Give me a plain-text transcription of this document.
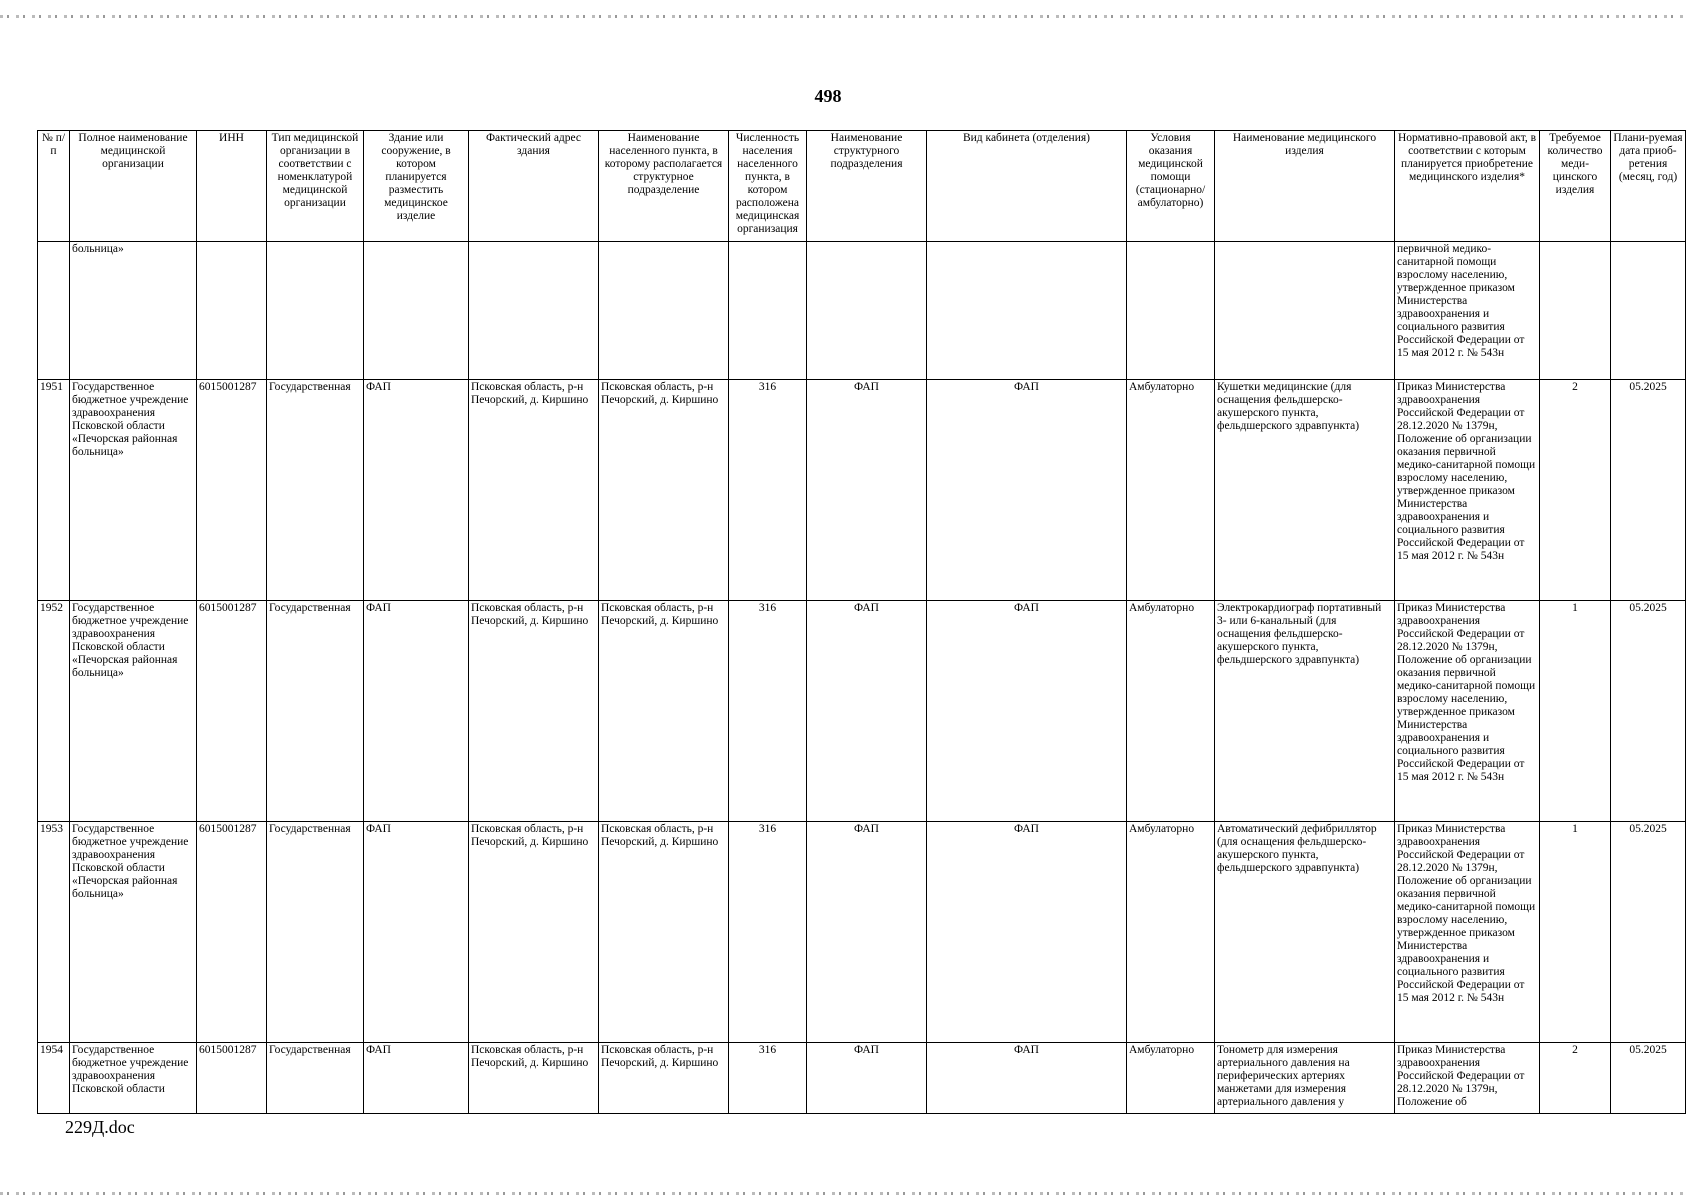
498
№ п/п	Полное наименование медицинской организации	ИНН	Тип медицинской организации в соответствии с номенклатурой медицинской организации	Здание или сооружение, в котором планируется разместить медицинское изделие	Фактический адрес здания	Наименование населенного пункта, в которому располагается структурное подразделение	Численность населения населенного пункта, в котором расположена медицинская организация	Наименование структурного подразделения	Вид кабинета (отделения)	Условия оказания медицинской помощи (стационарно/ амбулаторно)	Наименование медицинского изделия	Нормативно-правовой акт, в соответствии с которым планируется приобретение медицинского изделия*	Требуемое количество меди-цинского изделия	Плани-руемая дата приоб-ретения (месяц, год)
	больница»											первичной медико-санитарной помощи взрослому населению, утвержденное приказом Министерства здравоохранения и социального развития Российской Федерации от 15 мая 2012 г. № 543н		
1951	Государственное бюджетное учреждение здравоохранения Псковской области «Печорская районная больница»	6015001287	Государственная	ФАП	Псковская область, р-н Печорский, д. Киршино	Псковская область, р-н Печорский, д. Киршино	316	ФАП	ФАП	Амбулаторно	Кушетки медицинские (для оснащения фельдшерско-акушерского пункта, фельдшерского здравпункта)	Приказ Министерства здравоохранения Российской Федерации от 28.12.2020 № 1379н, Положение об организации оказания первичной медико-санитарной помощи взрослому населению, утвержденное приказом Министерства здравоохранения и социального развития Российской Федерации от 15 мая 2012 г. № 543н	2	05.2025
1952	Государственное бюджетное учреждение здравоохранения Псковской области «Печорская районная больница»	6015001287	Государственная	ФАП	Псковская область, р-н Печорский, д. Киршино	Псковская область, р-н Печорский, д. Киршино	316	ФАП	ФАП	Амбулаторно	Электрокардиограф портативный 3- или 6-канальный (для оснащения фельдшерско-акушерского пункта, фельдшерского здравпункта)	Приказ Министерства здравоохранения Российской Федерации от 28.12.2020 № 1379н, Положение об организации оказания первичной медико-санитарной помощи взрослому населению, утвержденное приказом Министерства здравоохранения и социального развития Российской Федерации от 15 мая 2012 г. № 543н	1	05.2025
1953	Государственное бюджетное учреждение здравоохранения Псковской области «Печорская районная больница»	6015001287	Государственная	ФАП	Псковская область, р-н Печорский, д. Киршино	Псковская область, р-н Печорский, д. Киршино	316	ФАП	ФАП	Амбулаторно	Автоматический дефибриллятор (для оснащения фельдшерско-акушерского пункта, фельдшерского здравпункта)	Приказ Министерства здравоохранения Российской Федерации от 28.12.2020 № 1379н, Положение об организации оказания первичной медико-санитарной помощи взрослому населению, утвержденное приказом Министерства здравоохранения и социального развития Российской Федерации от 15 мая 2012 г. № 543н	1	05.2025
1954	Государственное бюджетное учреждение здравоохранения Псковской области	6015001287	Государственная	ФАП	Псковская область, р-н Печорский, д. Киршино	Псковская область, р-н Печорский, д. Киршино	316	ФАП	ФАП	Амбулаторно	Тонометр для измерения артериального давления на периферических артериях манжетами для измерения артериального давления у	Приказ Министерства здравоохранения Российской Федерации от 28.12.2020 № 1379н, Положение об	2	05.2025
229Д.doc
